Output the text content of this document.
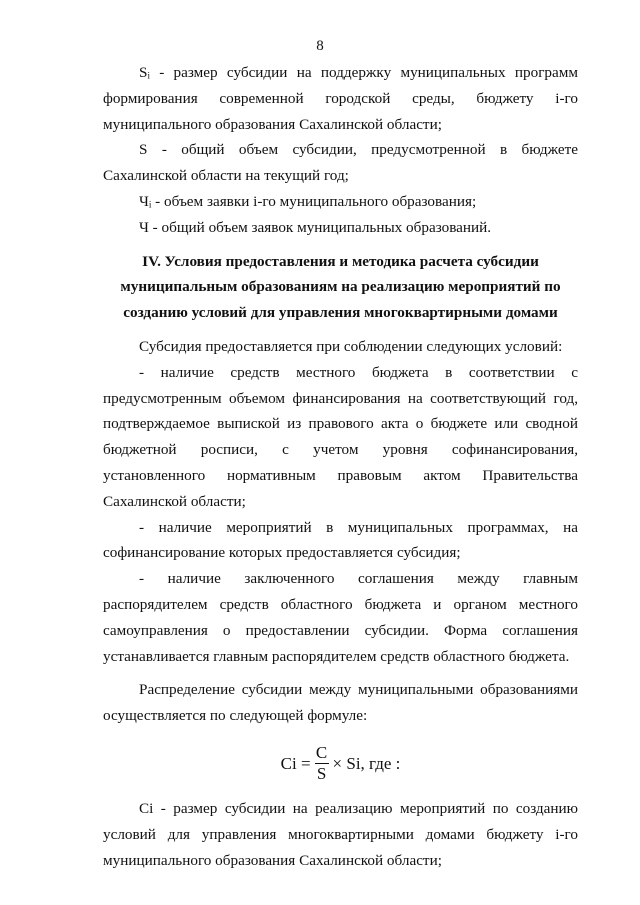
8

Sᵢ - размер субсидии на поддержку муниципальных программ формирования современной городской среды, бюджету i-го муниципального образования Сахалинской области;

S - общий объем субсидии, предусмотренной в бюджете Сахалинской области на текущий год;

Чᵢ - объем заявки i-го муниципального образования;

Ч - общий объем заявок муниципальных образований.

IV. Условия предоставления и методика расчета субсидии муниципальным образованиям на реализацию мероприятий по созданию условий для управления многоквартирными домами

Субсидия предоставляется при соблюдении следующих условий:

- наличие средств местного бюджета в соответствии с предусмотренным объемом финансирования на соответствующий год, подтверждаемое выпиской из правового акта о бюджете или сводной бюджетной росписи, с учетом уровня софинансирования, установленного нормативным правовым актом Правительства Сахалинской области;

- наличие мероприятий в муниципальных программах, на софинансирование которых предоставляется субсидия;

- наличие заключенного соглашения между главным распорядителем средств областного бюджета и органом местного самоуправления о предоставлении субсидии. Форма соглашения устанавливается главным распорядителем средств областного бюджета.

Распределение субсидии между муниципальными образованиями осуществляется по следующей формуле:

$Ci = \frac{C}{S} \times Si$, где :

Ci - размер субсидии на реализацию мероприятий по созданию условий для управления многоквартирными домами бюджету i-го муниципального образования Сахалинской области;
